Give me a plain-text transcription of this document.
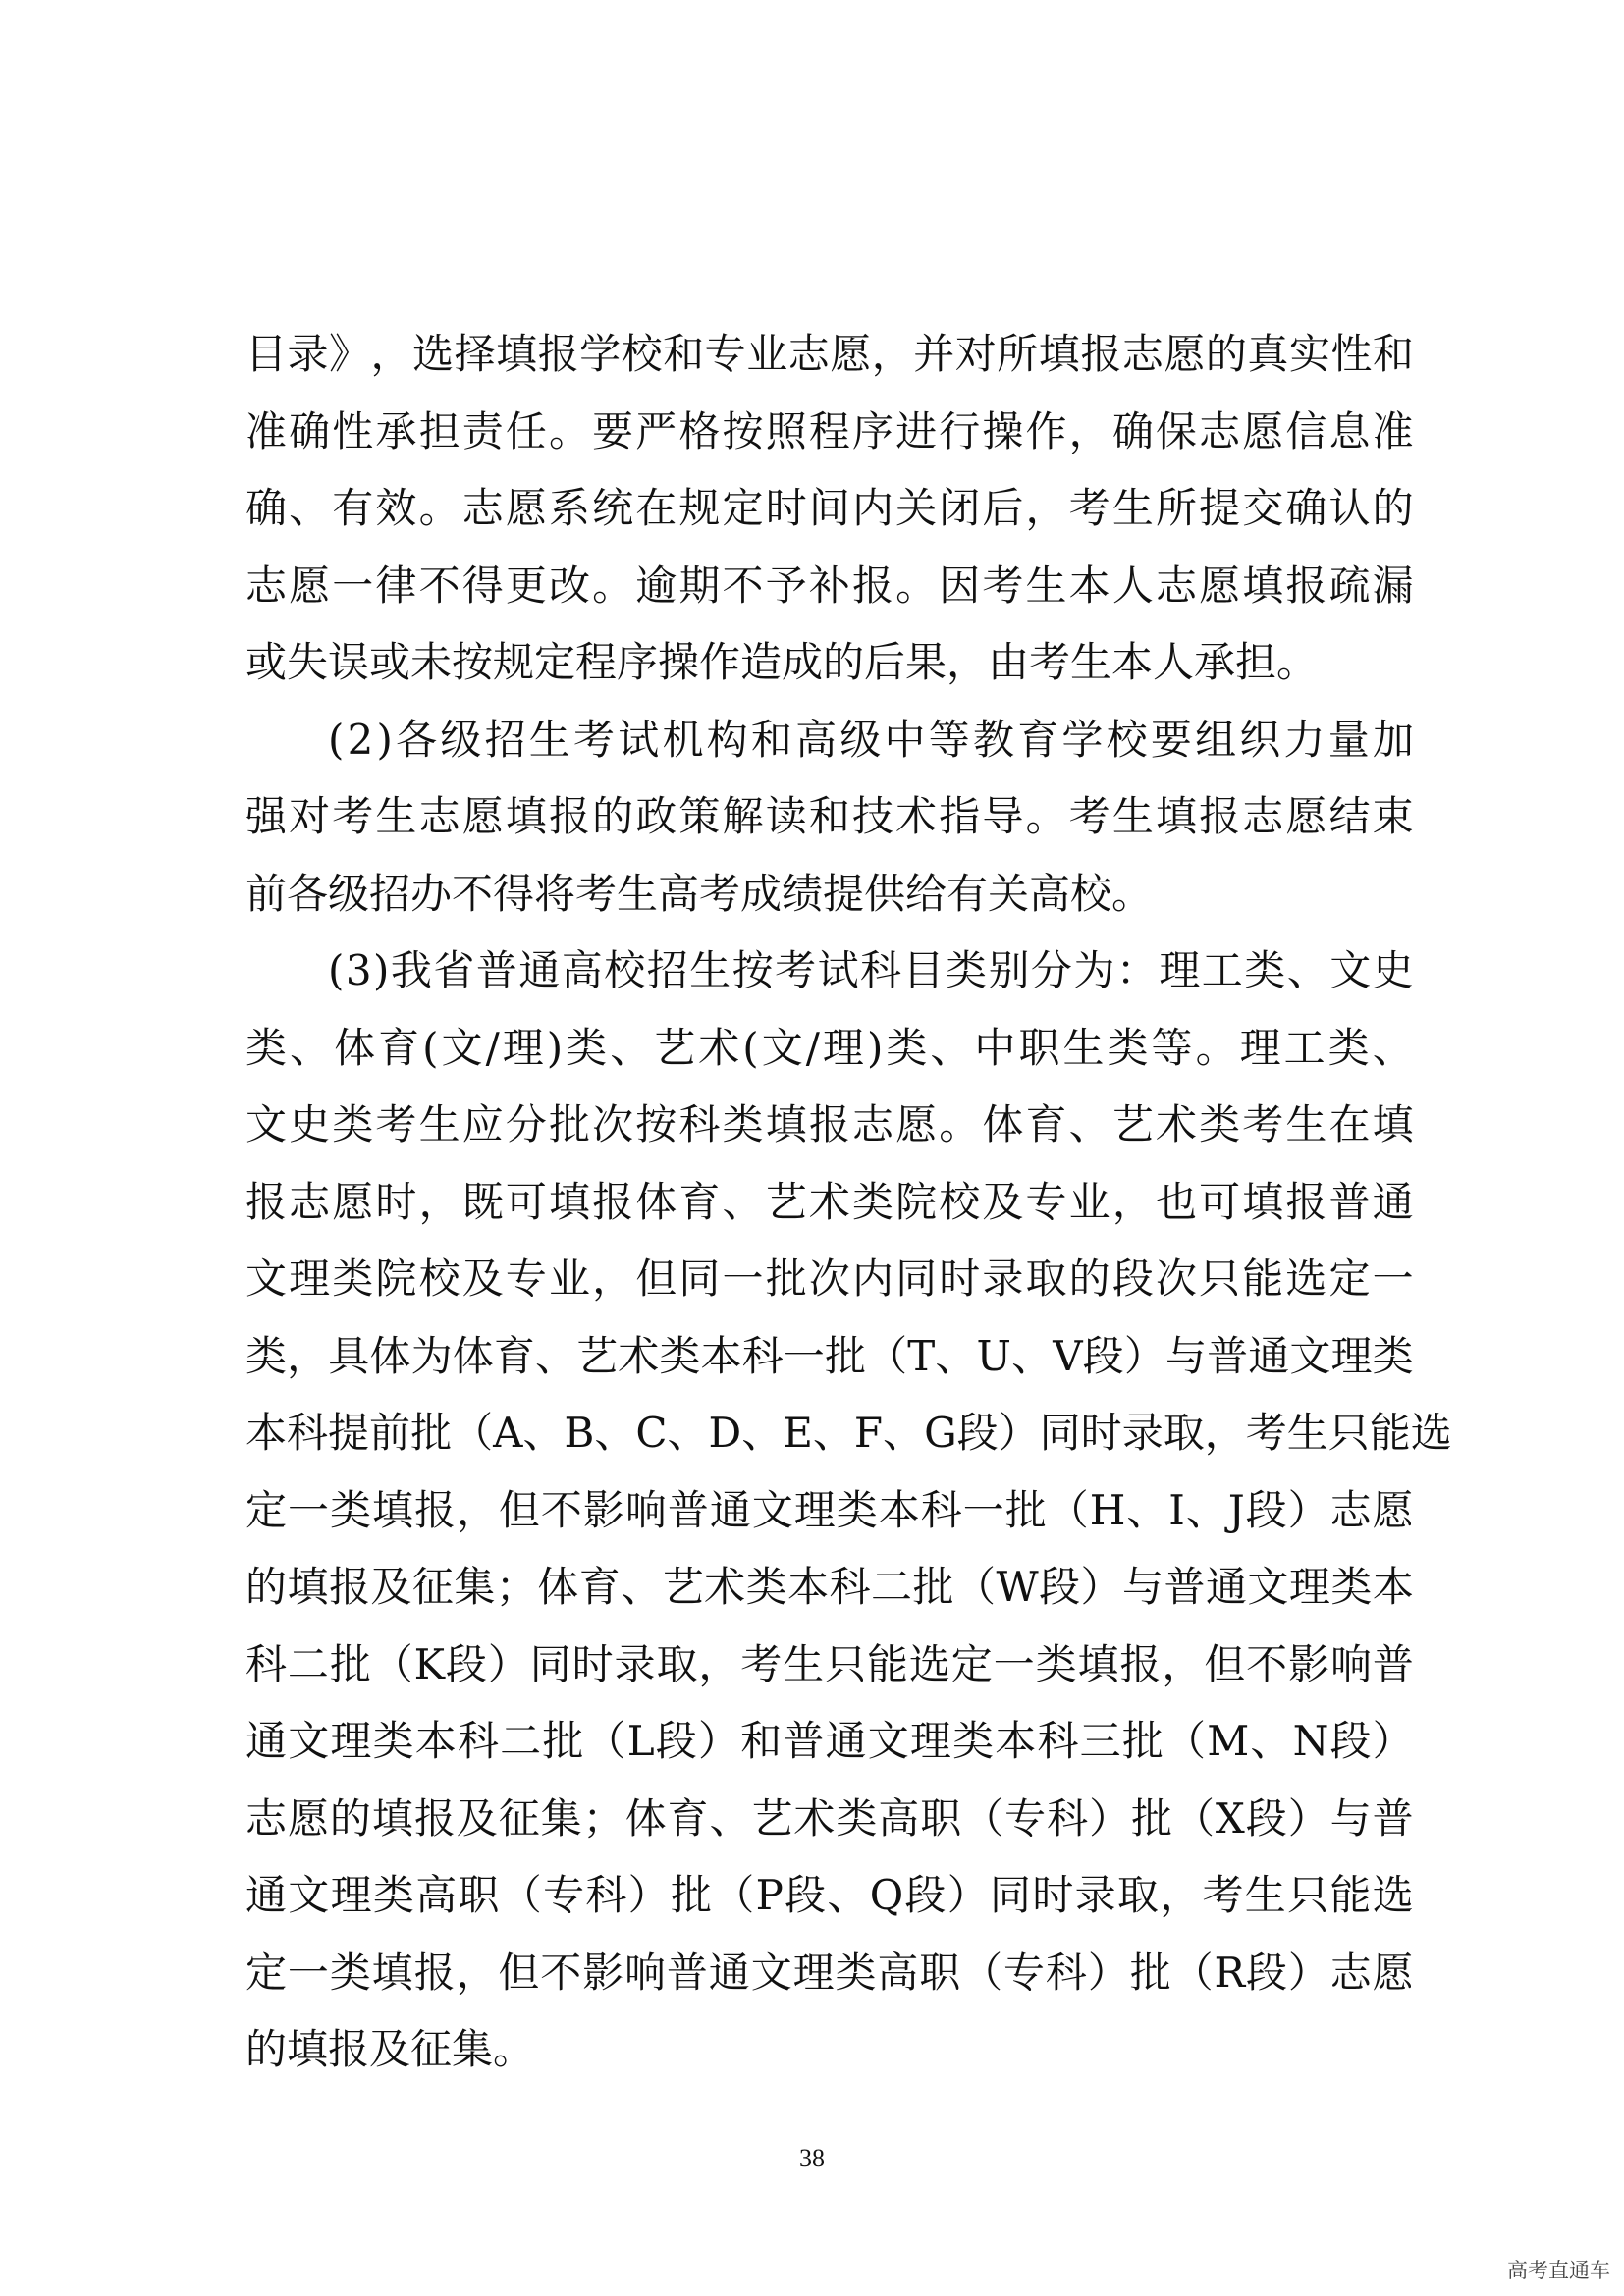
目 录 》 ， 选 择 填 报 学 校 和 专 业 志 愿 ， 并 对 所 填 报 志 愿 的 真 实 性 和
准 确 性 承 担 责 任 。 要 严 格 按 照 程 序 进 行 操 作 ， 确 保 志 愿 信 息 准
确 、 有 效 。 志 愿 系 统 在 规 定 时 间 内 关 闭 后 ， 考 生 所 提 交 确 认 的
志 愿 一 律 不 得 更 改 。 逾 期 不 予 补 报 。 因 考 生 本 人 志 愿 填 报 疏 漏
或失误或未按规定程序操作造成的后果，由考生本人承担。
( 2 ) 各 级 招 生 考 试 机 构 和 高 级 中 等 教 育 学 校 要 组 织 力 量 加
强 对 考 生 志 愿 填 报 的 政 策 解 读 和 技 术 指 导 。 考 生 填 报 志 愿 结 束
前各级招办不得将考生高考成绩提供给有关高校。
( 3 ) 我 省 普 通 高 校 招 生 按 考 试 科 目 类 别 分 为 ： 理 工 类 、 文 史
类 、 体 育 ( 文 / 理 ) 类 、 艺 术 ( 文 / 理 ) 类 、 中 职 生 类 等 。 理 工 类 、
文 史 类 考 生 应 分 批 次 按 科 类 填 报 志 愿 。 体 育 、 艺 术 类 考 生 在 填
报 志 愿 时 ， 既 可 填 报 体 育 、 艺 术 类 院 校 及 专 业 ， 也 可 填 报 普 通
文 理 类 院 校 及 专 业 ， 但 同 一 批 次 内 同 时 录 取 的 段 次 只 能 选 定 一
类 ， 具 体 为 体 育 、 艺 术 类 本 科 一 批 （ T 、 U 、 V 段 ） 与 普 通 文 理 类
本 科 提 前 批 （ A 、 B 、 C 、 D 、 E 、 F 、 G 段 ） 同 时 录 取 ， 考 生 只 能 选
定 一 类 填 报 ， 但 不 影 响 普 通 文 理 类 本 科 一 批 （ H 、 I 、 J 段 ） 志 愿
的 填 报 及 征 集 ； 体 育 、 艺 术 类 本 科 二 批 （ W 段 ） 与 普 通 文 理 类 本
科 二 批 （ K 段 ） 同 时 录 取 ， 考 生 只 能 选 定 一 类 填 报 ， 但 不 影 响 普
通 文 理 类 本 科 二 批 （ L 段 ） 和 普 通 文 理 类 本 科 三 批 （ M 、 N 段 ）
志 愿 的 填 报 及 征 集 ； 体 育 、 艺 术 类 高 职 （ 专 科 ） 批 （ X 段 ） 与 普
通 文 理 类 高 职 （ 专 科 ） 批 （ P 段 、 Q 段 ） 同 时 录 取 ， 考 生 只 能 选
定 一 类 填 报 ， 但 不 影 响 普 通 文 理 类 高 职 （ 专 科 ） 批 （ R 段 ） 志 愿
的填报及征集。
38
高考直通车
